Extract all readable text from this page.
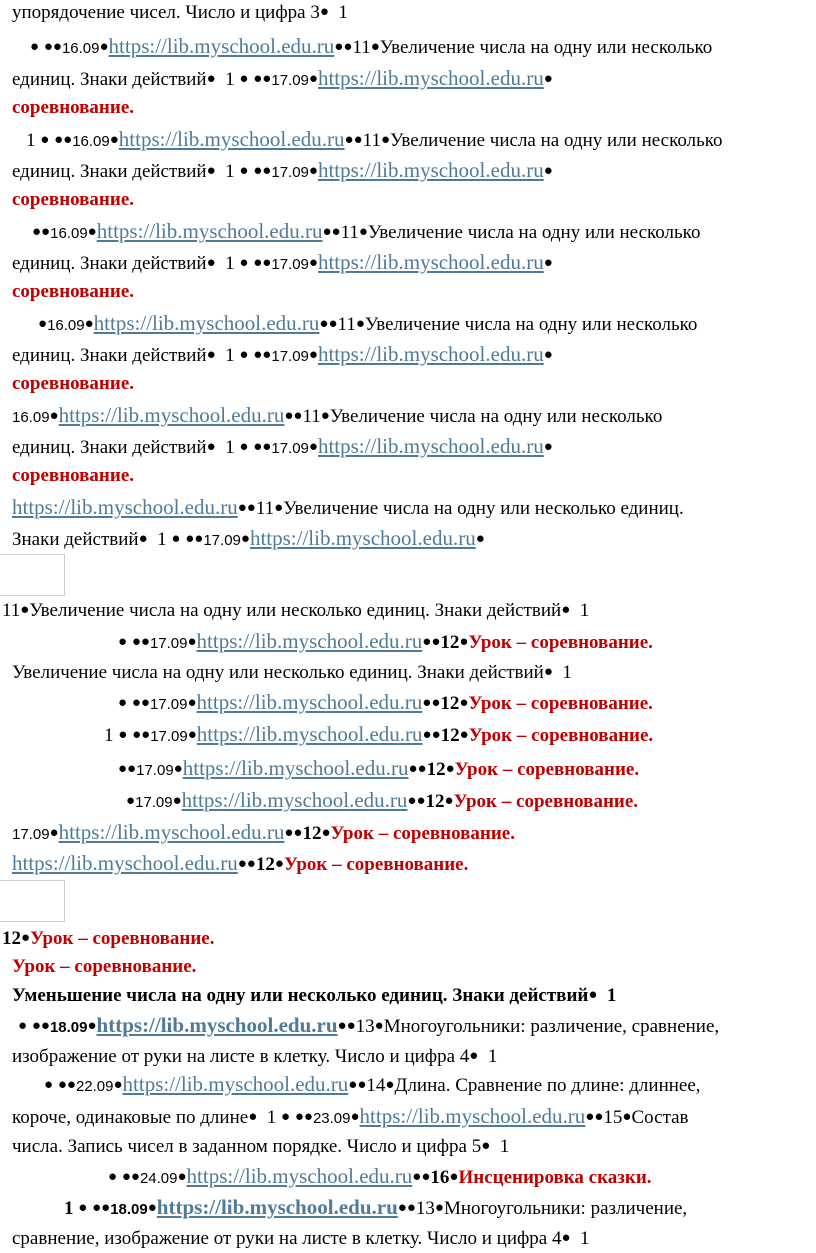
упорядочение чисел. Число и цифра 3● 1
● ●●16.09●https://lib.myschool.edu.ru●●11●Увеличение числа на одну или несколько
единиц. Знаки действий● 1 ● ●●17.09●https://lib.myschool.edu.ru●
соревнование.
1 ● ●●16.09●https://lib.myschool.edu.ru●●11●Увеличение числа на одну или несколько
единиц. Знаки действий● 1 ● ●●17.09●https://lib.myschool.edu.ru●
соревнование.
●●16.09●https://lib.myschool.edu.ru●●11●Увеличение числа на одну или несколько
единиц. Знаки действий● 1 ● ●●17.09●https://lib.myschool.edu.ru●
соревнование.
●16.09●https://lib.myschool.edu.ru●●11●Увеличение числа на одну или несколько
единиц. Знаки действий● 1 ● ●●17.09●https://lib.myschool.edu.ru●
соревнование.
16.09●https://lib.myschool.edu.ru●●11●Увеличение числа на одну или несколько
единиц. Знаки действий● 1 ● ●●17.09●https://lib.myschool.edu.ru●
соревнование.
https://lib.myschool.edu.ru●●11●Увеличение числа на одну или несколько единиц.
Знаки действий● 1 ● ●●17.09●https://lib.myschool.edu.ru●
11●Увеличение числа на одну или несколько единиц. Знаки действий● 1
● ●●17.09●https://lib.myschool.edu.ru●●12●Урок – соревнование.
Увеличение числа на одну или несколько единиц. Знаки действий● 1
● ●●17.09●https://lib.myschool.edu.ru●●12●Урок – соревнование.
1 ● ●●17.09●https://lib.myschool.edu.ru●●12●Урок – соревнование.
●●17.09●https://lib.myschool.edu.ru●●12●Урок – соревнование.
●17.09●https://lib.myschool.edu.ru●●12●Урок – соревнование.
17.09●https://lib.myschool.edu.ru●●12●Урок – соревнование.
https://lib.myschool.edu.ru●●12●Урок – соревнование.
12●Урок – соревнование.
Урок – соревнование.
Уменьшение числа на одну или несколько единиц. Знаки действий● 1
● ●●18.09●https://lib.myschool.edu.ru●●13●Многоугольники: различение, сравнение,
изображение от руки на листе в клетку. Число и цифра 4● 1
● ●●22.09●https://lib.myschool.edu.ru●●14●Длина. Сравнение по длине: длиннее,
короче, одинаковые по длине● 1 ● ●●23.09●https://lib.myschool.edu.ru●●15●Состав
числа. Запись чисел в заданном порядке. Число и цифра 5● 1
● ●●24.09●https://lib.myschool.edu.ru●●16●Инсценировка сказки.
1 ● ●●18.09●https://lib.myschool.edu.ru●●13●Многоугольники: различение,
сравнение, изображение от руки на листе в клетку. Число и цифра 4● 1
